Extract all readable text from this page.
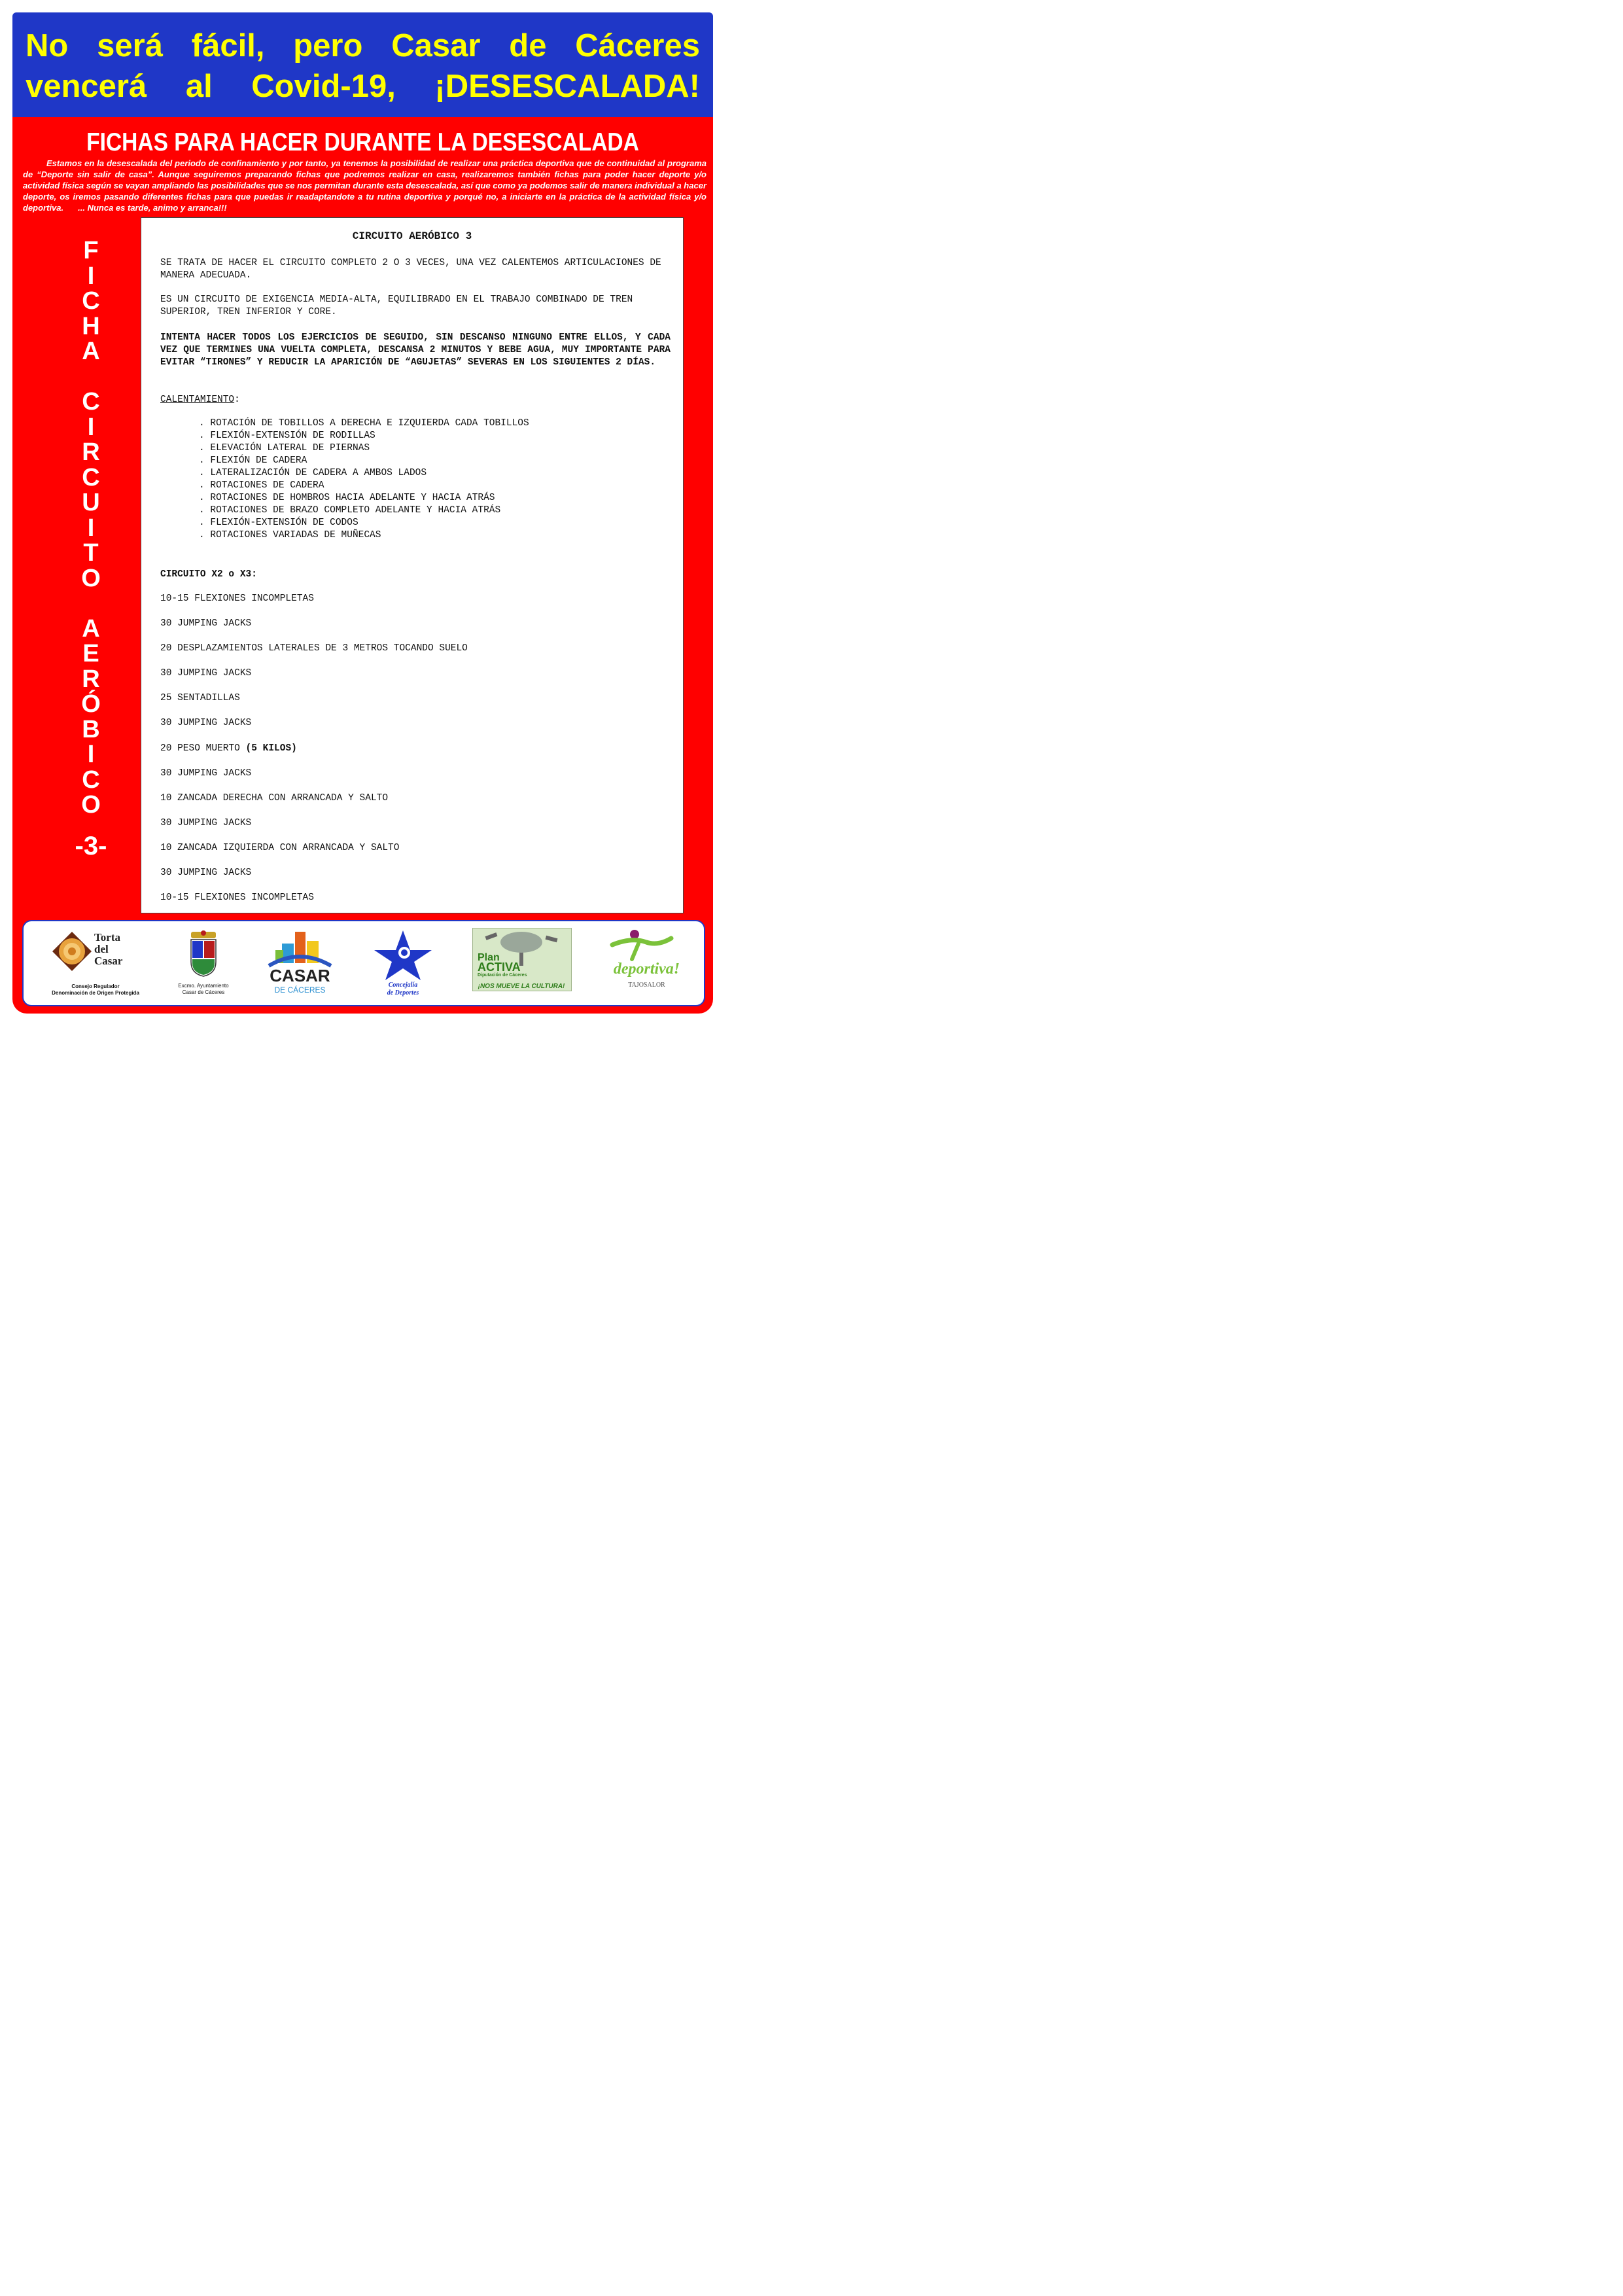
No será fácil, pero Casar de Cáceres vencerá al Covid-19, ¡DESESCALADA!
FICHAS PARA HACER DURANTE LA DESESCALADA

Estamos en la desescalada del periodo de confinamiento y por tanto, ya tenemos la posibilidad de realizar una práctica deportiva que de continuidad al programa de “Deporte sin salir de casa”. Aunque seguiremos preparando fichas que podremos realizar en casa, realizaremos también fichas para poder hacer deporte y/o actividad física según se vayan ampliando las posibilidades que se nos permitan durante esta desescalada, así que como ya podemos salir de manera individual a hacer deporte, os iremos pasando diferentes fichas para que puedas ir readaptandote a tu rutina deportiva y porqué no, a iniciarte en la práctica de la actividad física y/o deportiva. ... Nunca es tarde, animo y arranca!!!

F
I
C
H
A
C
I
R
C
U
I
T
O
A
E
R
Ó
B
I
C
O
-3-

CIRCUITO AERÓBICO 3

SE TRATA DE HACER EL CIRCUITO COMPLETO 2 O 3 VECES, UNA VEZ CALENTEMOS ARTICULACIONES DE MANERA ADECUADA.

ES UN CIRCUITO DE EXIGENCIA MEDIA-ALTA, EQUILIBRADO EN EL TRABAJO COMBINADO DE TREN SUPERIOR, TREN INFERIOR Y CORE.

INTENTA HACER TODOS LOS EJERCICIOS DE SEGUIDO, SIN DESCANSO NINGUNO ENTRE ELLOS, Y CADA VEZ QUE TERMINES UNA VUELTA COMPLETA, DESCANSA 2 MINUTOS Y BEBE AGUA, MUY IMPORTANTE PARA EVITAR “TIRONES” Y REDUCIR LA APARICIÓN DE “AGUJETAS” SEVERAS EN LOS SIGUIENTES 2 DÍAS.

CALENTAMIENTO:

. ROTACIÓN DE TOBILLOS A DERECHA E IZQUIERDA CADA TOBILLOS
. FLEXIÓN-EXTENSIÓN DE RODILLAS
. ELEVACIÓN LATERAL DE PIERNAS
. FLEXIÓN DE CADERA
. LATERALIZACIÓN DE CADERA A AMBOS LADOS
. ROTACIONES DE CADERA
. ROTACIONES DE HOMBROS HACIA ADELANTE Y HACIA ATRÁS
. ROTACIONES DE BRAZO COMPLETO ADELANTE Y HACIA ATRÁS
. FLEXIÓN-EXTENSIÓN DE CODOS
. ROTACIONES VARIADAS DE MUÑECAS

CIRCUITO X2 o X3:

10-15 FLEXIONES INCOMPLETAS
30 JUMPING JACKS
20 DESPLAZAMIENTOS LATERALES DE 3 METROS TOCANDO SUELO
30 JUMPING JACKS
25 SENTADILLAS
30 JUMPING JACKS
20 PESO MUERTO (5 KILOS)
30 JUMPING JACKS
10 ZANCADA DERECHA CON ARRANCADA Y SALTO
30 JUMPING JACKS
10 ZANCADA IZQUIERDA CON ARRANCADA Y SALTO
30 JUMPING JACKS
10-15 FLEXIONES INCOMPLETAS
Torta
del
Casar
Consejo Regulador
Denominación de Origen Protegida
Excmo. Ayuntamiento
Casar de Cáceres
CASAR
DE CÁCERES
Concejalía
de Deportes
Plan
ACTIVA
Diputación de Cáceres
¡NOS MUEVE LA CULTURA!
deportiva!
TAJOSALOR
